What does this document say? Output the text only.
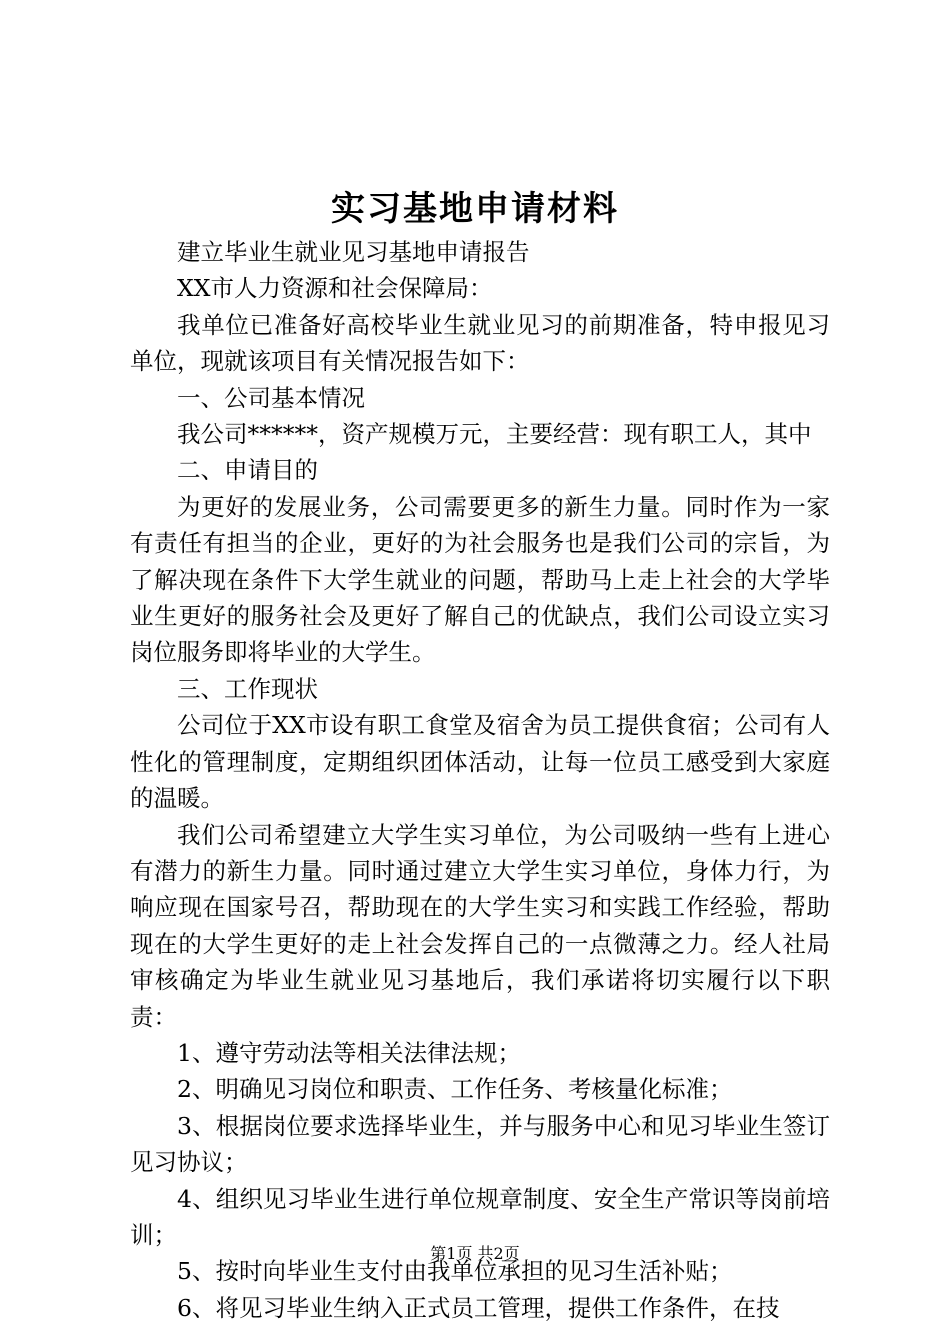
实习基地申请材料

建立毕业生就业见习基地申请报告

XX市人力资源和社会保障局：

我单位已准备好高校毕业生就业见习的前期准备，特申报见习单位，现就该项目有关情况报告如下：

一、公司基本情况

我公司******，资产规模万元，主要经营：现有职工人，其中

二、申请目的

为更好的发展业务，公司需要更多的新生力量。同时作为一家有责任有担当的企业，更好的为社会服务也是我们公司的宗旨，为了解决现在条件下大学生就业的问题，帮助马上走上社会的大学毕业生更好的服务社会及更好了解自己的优缺点，我们公司设立实习岗位服务即将毕业的大学生。

三、工作现状

公司位于XX市设有职工食堂及宿舍为员工提供食宿；公司有人性化的管理制度，定期组织团体活动，让每一位员工感受到大家庭的温暖。

我们公司希望建立大学生实习单位，为公司吸纳一些有上进心有潜力的新生力量。同时通过建立大学生实习单位，身体力行，为响应现在国家号召，帮助现在的大学生实习和实践工作经验，帮助现在的大学生更好的走上社会发挥自己的一点微薄之力。经人社局审核确定为毕业生就业见习基地后，我们承诺将切实履行以下职责：

1、遵守劳动法等相关法律法规；

2、明确见习岗位和职责、工作任务、考核量化标准；

3、根据岗位要求选择毕业生，并与服务中心和见习毕业生签订见习协议；

4、组织见习毕业生进行单位规章制度、安全生产常识等岗前培训；

5、按时向毕业生支付由我单位承担的见习生活补贴；

6、将见习毕业生纳入正式员工管理，提供工作条件，在技

第1页 共2页
